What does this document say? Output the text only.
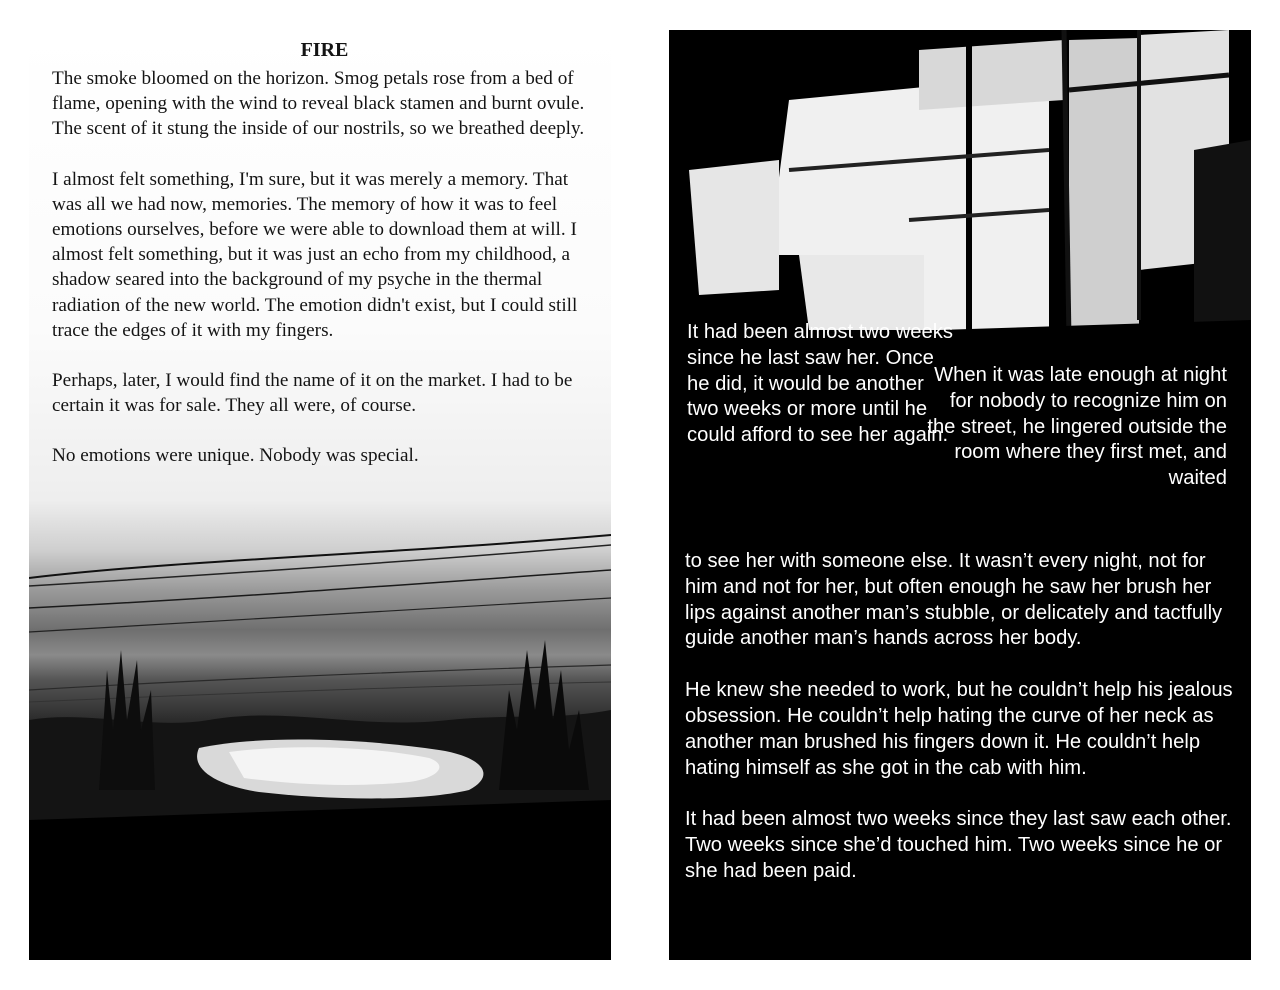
FIRE

The smoke bloomed on the horizon. Smog petals rose from a bed of flame, opening with the wind to reveal black stamen and burnt ovule. The scent of it stung the inside of our nostrils, so we breathed deeply.

I almost felt something, I'm sure, but it was merely a memory. That was all we had now, memories. The memory of how it was to feel emotions ourselves, before we were able to download them at will. I almost felt something, but it was just an echo from my childhood, a shadow seared into the background of my psyche in the thermal radiation of the new world. The emotion didn't exist, but I could still trace the edges of it with my fingers.

Perhaps, later, I would find the name of it on the market. I had to be certain it was for sale. They all were, of course.

No emotions were unique. Nobody was special.

It had been almost two weeks since he last saw her. Once he did, it would be another two weeks or more until he could afford to see her again.
When it was late enough at night for nobody to recognize him on the street, he lingered outside the room where they first met, and waited

to see her with someone else. It wasn’t every night, not for him and not for her, but often enough he saw her brush her lips against another man’s stubble, or delicately and tactfully guide another man’s hands across her body.

He knew she needed to work, but he couldn’t help his jealous obsession. He couldn’t help hating the curve of her neck as another man brushed his fingers down it. He couldn’t help hating himself as she got in the cab with him.

It had been almost two weeks since they last saw each other. Two weeks since she’d touched him. Two weeks since he or she had been paid.
